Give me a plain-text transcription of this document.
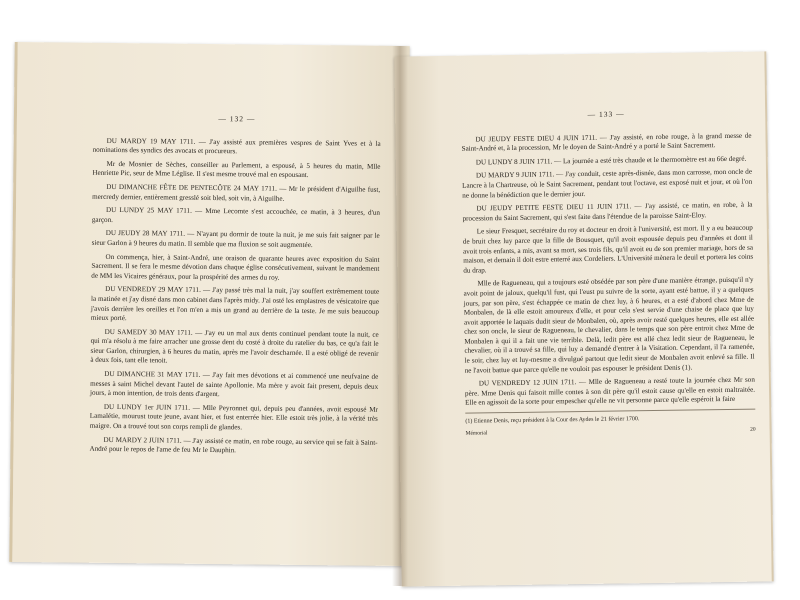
— 132 —

DU MARDY 19 MAY 1711. — J'ay assisté aux premières vespres de Saint Yves et à la nominations des syndics des avocats et procureurs.

Mr de Mosnier de Sèches, conseiller au Parlement, a espousé, à 5 heures du matin, Mlle Henriette Pic, seur de Mme Léglise. Il s'est mesme trouvé mal en espousant.

DU DIMANCHE FÊTE DE PENTECÔTE 24 MAY 1711. — Mr le président d'Aiguilhe fust, mercredy dernier, entièrement gresslé soit bled, soit vin, à Aiguilhe.

DU LUNDY 25 MAY 1711. — Mme Lecomte s'est accouchée, ce matin, à 3 heures, d'un garçon.

DU JEUDY 28 MAY 1711. — N'ayant pu dormir de toute la nuit, je me suis fait saigner par le sieur Garlon à 9 heures du matin. Il semble que ma fluxion se soit augmentée.

On commença, hier, à Saint-André, une oraison de quarante heures avec exposition du Saint Sacrement. Il se fera le mesme dévotion dans chaque église consécutivement, suivant le mandement de MM les Vicaires généraux, pour la prospérité des armes du roy.

DU VENDREDY 29 MAY 1711. — J'ay passé très mal la nuit, j'ay souffert extrêmement toute la matinée et j'ay disné dans mon cabinet dans l'après midy. J'ai osté les emplastres de vésicatoire que j'avois derrière les oreilles et l'on m'en a mis un grand au derrière de la teste. Je me suis beaucoup mieux porté.

DU SAMEDY 30 MAY 1711. — J'ay eu un mal aux dents continuel pendant toute la nuit, ce qui m'a résolu à me faire arracher une grosse dent du costé à droite du ratelier du bas, ce qu'a fait le sieur Garlon, chirurgien, à 6 heures du matin, après me l'avoir descharnée. Il a esté obligé de revenir à deux fois, tant elle tenoit.

DU DIMANCHE 31 MAY 1711. — J'ay fait mes dévotions et ai commencé une neufvaine de messes à saint Michel devant l'autel de sainte Apollonie. Ma mère y avoit fait present, depuis deux jours, à mon intention, de trois dents d'argent.

DU LUNDY 1er JUIN 1711. — Mlle Peyronnet qui, depuis peu d'années, avoit espousé Mr Lamalétie, mourust toute jeune, avant hier, et fust enterrée hier. Elle estoit très jolie, à la vérité très maigre. On a trouvé tout son corps rempli de glandes.

DU MARDY 2 JUIN 1711. — J'ay assisté ce matin, en robe rouge, au service qui se fait à Saint-André pour le repos de l'ame de feu Mr le Dauphin.

— 133 —

DU JEUDY FESTE DIEU 4 JUIN 1711. — J'ay assisté, en robe rouge, à la grand messe de Saint-André et, à la procession, Mr le doyen de Saint-André y a porté le Saint Sacrement.

DU LUNDY 8 JUIN 1711. — La journée a esté très chaude et le thermomètre est au 66e degré.

DU MARDY 9 JUIN 1711. — J'ay conduit, ceste après-disnée, dans mon carrosse, mon oncle de Lancre à la Chartreuse, où le Saint Sacrement, pendant tout l'octave, est exposé nuit et jour, et où l'on ne donne la bénédiction que le dernier jour.

DU JEUDY PETITE FESTE DIEU 11 JUIN 1711. — J'ay assisté, ce matin, en robe, à la procession du Saint Sacrement, qui s'est faite dans l'étendue de la paroisse Saint-Eloy.

Le sieur Fresquet, secrétaire du roy et docteur en droit à l'université, est mort. Il y a eu beaucoup de bruit chez luy parce que la fille de Bousquet, qu'il avoit espousée depuis peu d'années et dont il avoit trois enfants, a mis, avant sa mort, ses trois fils, qu'il avoit eu de son premier mariage, hors de sa maison, et demain il doit estre enterré aux Cordeliers. L'Université mènera le deuil et portera les coins du drap.

Mlle de Ragueneau, qui a toujours esté obsédée par son père d'une manière étrange, puisqu'il n'y avoit point de jaloux, quelqu'il fust, qui l'eust pu suivre de la sorte, ayant esté battue, il y a quelques jours, par son père, s'est échappée ce matin de chez luy, à 6 heures, et a esté d'abord chez Mme de Monbalen, de là elle estoit amoureux d'elle, et pour cela s'est servie d'une chaise de place que luy avoit apportée le laquais dudit sieur de Monbalen, où, après avoir resté quelques heures, elle est allée chez son oncle, le sieur de Ragueneau, le chevalier, dans le temps que son père entroit chez Mme de Monbalen à qui il a fait une vie terrible. Delà, ledit père est allé chez ledit sieur de Ragueneau, le chevalier, où il a trouvé sa fille, qui luy a demandé d'entrer à la Visitation. Cependant, il l'a ramenée, le soir, chez luy et luy-mesme a divulgué partout que ledit sieur de Monbalen avoit enlevé sa fille. Il ne l'avoit battue que parce qu'elle ne vouloit pas espouser le président Denis (1).

DU VENDREDY 12 JUIN 1711. — Mlle de Ragueneau a resté toute la journée chez Mr son père. Mme Denis qui faisoit mille contes à son dit père qu'il estoit cause qu'elle en estoit maltraitée. Elle en agissoit de la sorte pour empescher qu'elle ne vit personne parce qu'elle espéroit la faire

(1) Etienne Denis, reçu président à la Cour des Aydes le 21 février 1700.
Mémorial
20
